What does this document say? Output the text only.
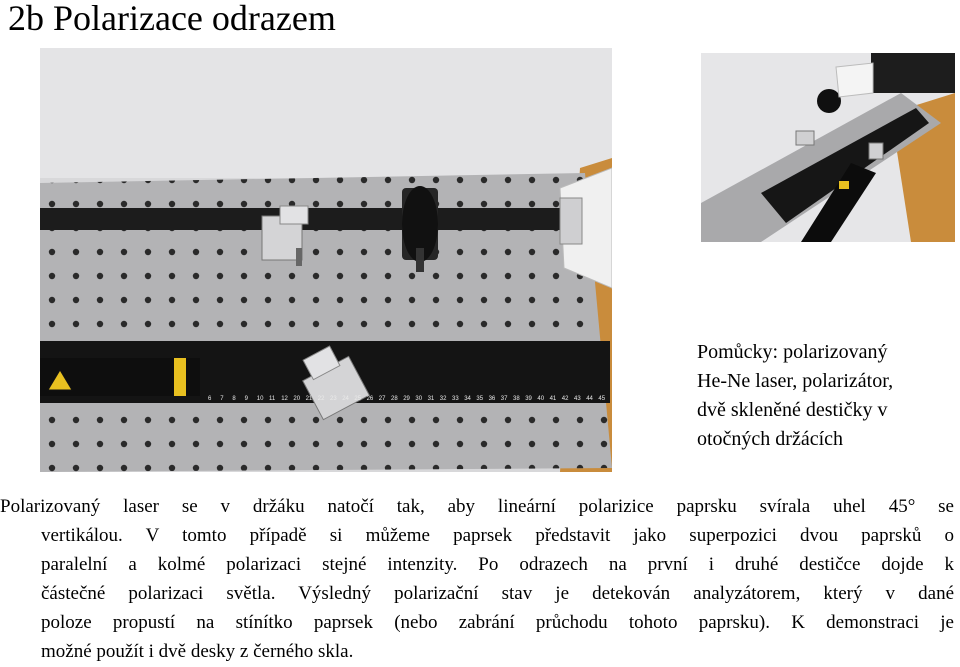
2b Polarizace odrazem
6 7 8 9 10 11 12 20 21 22 23 24 25 26 27 28 29 30 31 32 33 34 35 36 37 38 39 40 41 42 43 44 45
Pomůcky: polarizovaný
He-Ne laser, polarizátor,
dvě skleněné destičky v
otočných držácích
Polarizovaný laser se v držáku natočí tak, aby lineární polarizice paprsku svírala uhel 45° se
vertikálou. V tomto případě si můžeme paprsek představit jako superpozici dvou paprsků o
paralelní a kolmé polarizaci stejné intenzity. Po odrazech na první i druhé destičce dojde k
částečné polarizaci světla. Výsledný polarizační stav je detekován analyzátorem, který v dané
poloze propustí na stínítko paprsek (nebo zabrání průchodu tohoto paprsku). K demonstraci je
možné použít i dvě desky z černého skla.
